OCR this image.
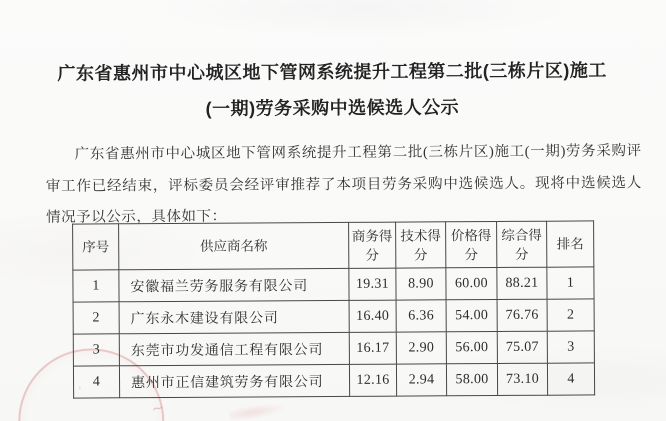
~
'
广东省惠州市中心城区地下管网系统提升工程第二批(三栋片区)施工
(一期)劳务采购中选候选人公示
广东省惠州市中心城区地下管网系统提升工程第二批(三栋片区)施工(一期)劳务采购评审工作已经结束，评标委员会经评审推荐了本项目劳务采购中选候选人。现将中选候选人情况予以公示，具体如下：
序号	供应商名称	商务得分	技术得分	价格得分	综合得分	排名
1	安徽福兰劳务服务有限公司	19.31	8.90	60.00	88.21	1
2	广东永木建设有限公司	16.40	6.36	54.00	76.76	2
3	东莞市功发通信工程有限公司	16.17	2.90	56.00	75.07	3
4	惠州市正信建筑劳务有限公司	12.16	2.94	58.00	73.10	4
